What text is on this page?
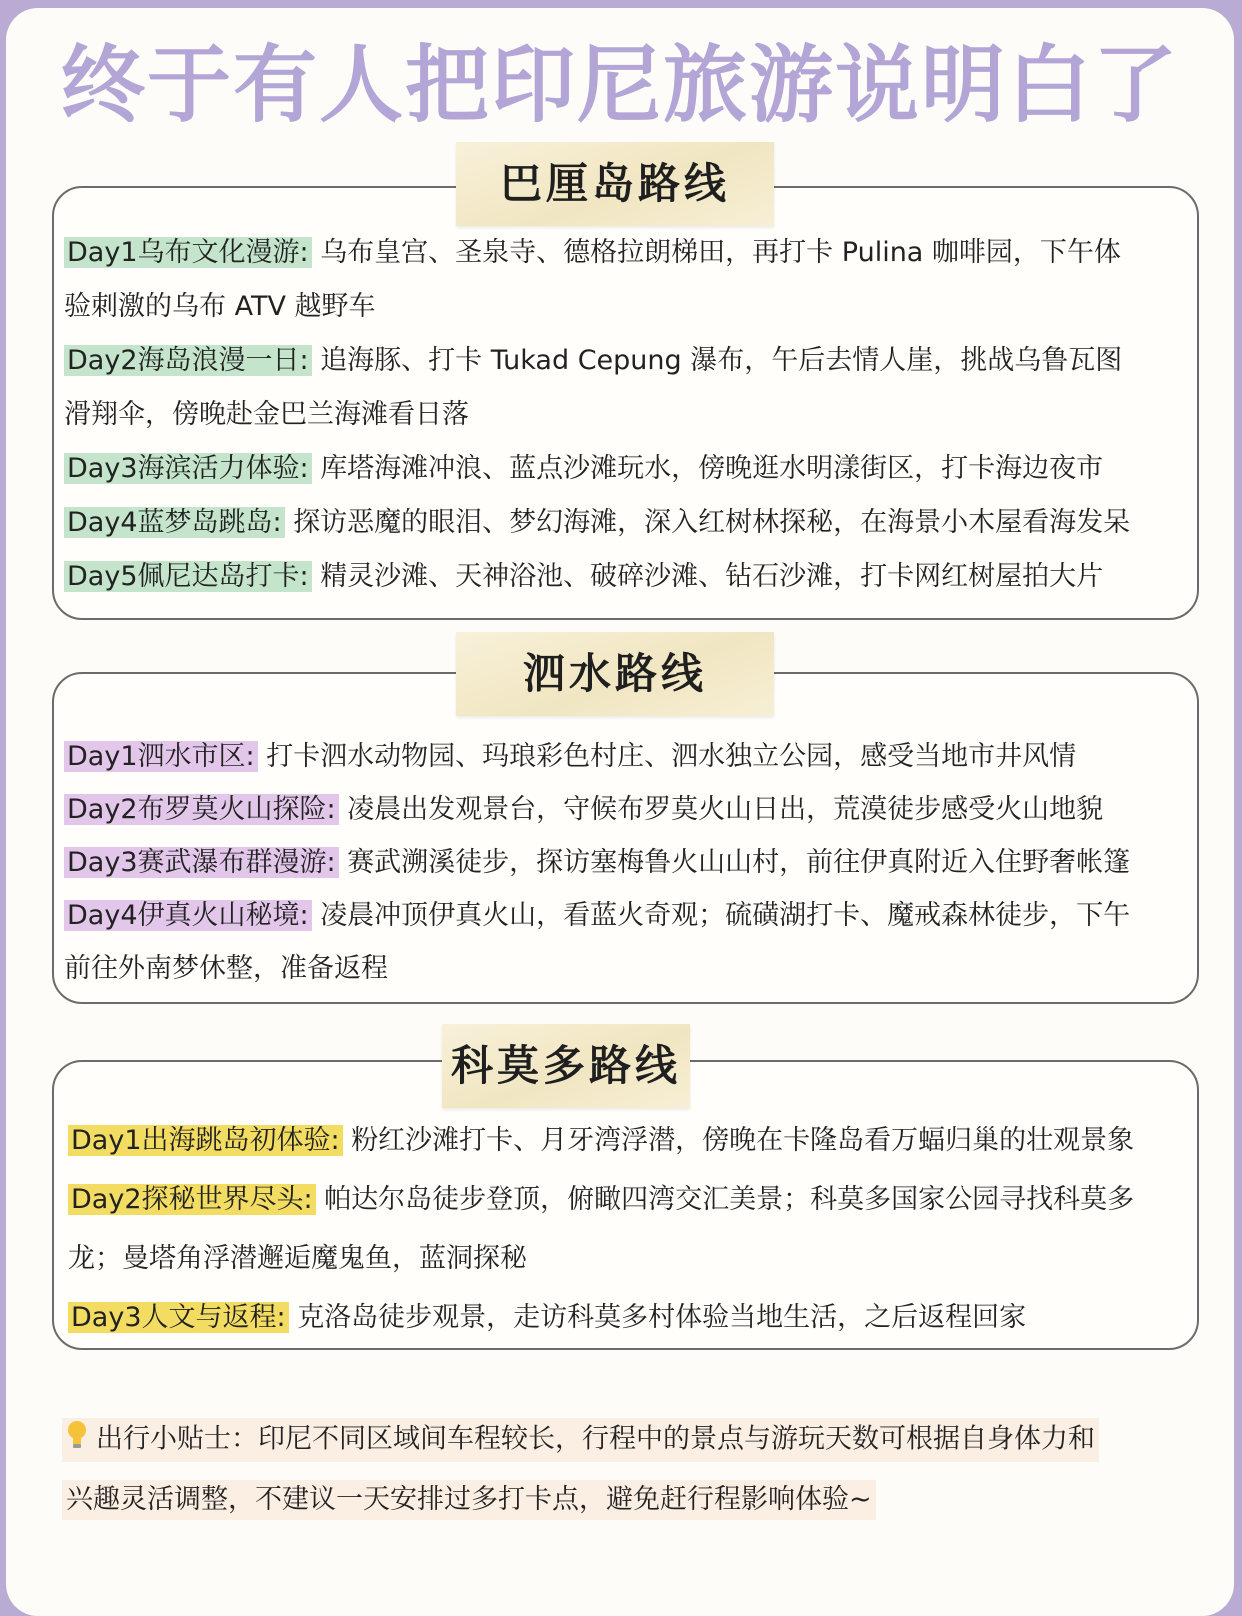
终于有人把印尼旅游说明白了
Day1乌布文化漫游: 乌布皇宫、圣泉寺、德格拉朗梯田，再打卡 Pulina 咖啡园，下午体
验刺激的乌布 ATV 越野车
Day2海岛浪漫一日: 追海豚、打卡 Tukad Cepung 瀑布，午后去情人崖，挑战乌鲁瓦图
滑翔伞，傍晚赴金巴兰海滩看日落
Day3海滨活力体验: 库塔海滩冲浪、蓝点沙滩玩水，傍晚逛水明漾街区，打卡海边夜市
Day4蓝梦岛跳岛: 探访恶魔的眼泪、梦幻海滩，深入红树林探秘，在海景小木屋看海发呆
Day5佩尼达岛打卡: 精灵沙滩、天神浴池、破碎沙滩、钻石沙滩，打卡网红树屋拍大片
巴厘岛路线
Day1泗水市区: 打卡泗水动物园、玛琅彩色村庄、泗水独立公园，感受当地市井风情
Day2布罗莫火山探险: 凌晨出发观景台，守候布罗莫火山日出，荒漠徒步感受火山地貌
Day3赛武瀑布群漫游: 赛武溯溪徒步，探访塞梅鲁火山山村，前往伊真附近入住野奢帐篷
Day4伊真火山秘境: 凌晨冲顶伊真火山，看蓝火奇观；硫磺湖打卡、魔戒森林徒步，下午
前往外南梦休整，准备返程
泗水路线
Day1出海跳岛初体验: 粉红沙滩打卡、月牙湾浮潜，傍晚在卡隆岛看万蝠归巢的壮观景象
Day2探秘世界尽头: 帕达尔岛徒步登顶，俯瞰四湾交汇美景；科莫多国家公园寻找科莫多
龙；曼塔角浮潜邂逅魔鬼鱼，蓝洞探秘
Day3人文与返程: 克洛岛徒步观景，走访科莫多村体验当地生活，之后返程回家
科莫多路线
出行小贴士：印尼不同区域间车程较长，行程中的景点与游玩天数可根据自身体力和
兴趣灵活调整，不建议一天安排过多打卡点，避免赶行程影响体验~
